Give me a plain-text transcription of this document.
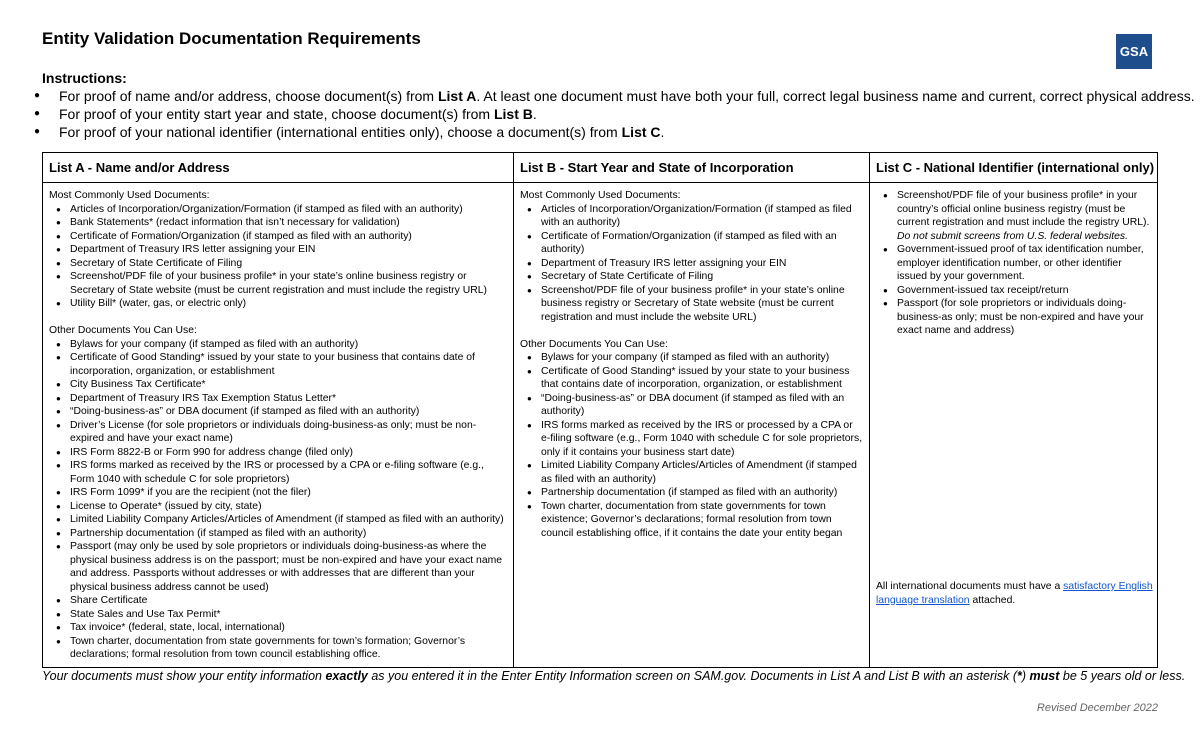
Entity Validation Documentation Requirements
GSA
®
Instructions:
● For proof of name and/or address, choose document(s) from List A. At least one document must have both your full, correct legal business name and current, correct physical address.
● For proof of your entity start year and state, choose document(s) from List B.
● For proof of your national identifier (international entities only), choose a document(s) from List C.
List A - Name and/or Address
Most Commonly Used Documents:
● Articles of Incorporation/Organization/Formation (if stamped as filed with an authority)
● Bank Statements* (redact information that isn’t necessary for validation)
● Certificate of Formation/Organization (if stamped as filed with an authority)
● Department of Treasury IRS letter assigning your EIN
● Secretary of State Certificate of Filing
● Screenshot/PDF file of your business profile* in your state’s online business registry or Secretary of State website (must be current registration and must include the registry URL)
● Utility Bill* (water, gas, or electric only)
Other Documents You Can Use:
● Bylaws for your company (if stamped as filed with an authority)
● Certificate of Good Standing* issued by your state to your business that contains date of incorporation, organization, or establishment
● City Business Tax Certificate*
● Department of Treasury IRS Tax Exemption Status Letter*
● “Doing-business-as” or DBA document (if stamped as filed with an authority)
● Driver’s License (for sole proprietors or individuals doing-business-as only; must be non-expired and have your exact name)
● IRS Form 8822-B or Form 990 for address change (filed only)
● IRS forms marked as received by the IRS or processed by a CPA or e-filing software (e.g., Form 1040 with schedule C for sole proprietors)
● IRS Form 1099* if you are the recipient (not the filer)
● License to Operate* (issued by city, state)
● Limited Liability Company Articles/Articles of Amendment (if stamped as filed with an authority)
● Partnership documentation (if stamped as filed with an authority)
● Passport (may only be used by sole proprietors or individuals doing-business-as where the physical business address is on the passport; must be non-expired and have your exact name and address. Passports without addresses or with addresses that are different than your physical business address cannot be used)
● Share Certificate
● State Sales and Use Tax Permit*
● Tax invoice* (federal, state, local, international)
● Town charter, documentation from state governments for town’s formation; Governor’s declarations; formal resolution from town council establishing office.
List B - Start Year and State of Incorporation
Most Commonly Used Documents:
● Articles of Incorporation/Organization/Formation (if stamped as filed with an authority)
● Certificate of Formation/Organization (if stamped as filed with an authority)
● Department of Treasury IRS letter assigning your EIN
● Secretary of State Certificate of Filing
● Screenshot/PDF file of your business profile* in your state’s online business registry or Secretary of State website (must be current registration and must include the website URL)
Other Documents You Can Use:
● Bylaws for your company (if stamped as filed with an authority)
● Certificate of Good Standing* issued by your state to your business that contains date of incorporation, organization, or establishment
● “Doing-business-as” or DBA document (if stamped as filed with an authority)
● IRS forms marked as received by the IRS or processed by a CPA or e-filing software (e.g., Form 1040 with schedule C for sole proprietors, only if it contains your business start date)
● Limited Liability Company Articles/Articles of Amendment (if stamped as filed with an authority)
● Partnership documentation (if stamped as filed with an authority)
● Town charter, documentation from state governments for town existence; Governor’s declarations; formal resolution from town council establishing office, if it contains the date your entity began
List C - National Identifier (international only)
● Screenshot/PDF file of your business profile* in your country’s official online business registry (must be current registration and must include the registry URL). Do not submit screens from U.S. federal websites.
● Government-issued proof of tax identification number, employer identification number, or other identifier issued by your government.
● Government-issued tax receipt/return
● Passport (for sole proprietors or individuals doing-business-as only; must be non-expired and have your exact name and address)
All international documents must have a satisfactory English language translation attached.
Your documents must show your entity information exactly as you entered it in the Enter Entity Information screen on SAM.gov. Documents in List A and List B with an asterisk (*) must be 5 years old or less.
Revised December 2022
